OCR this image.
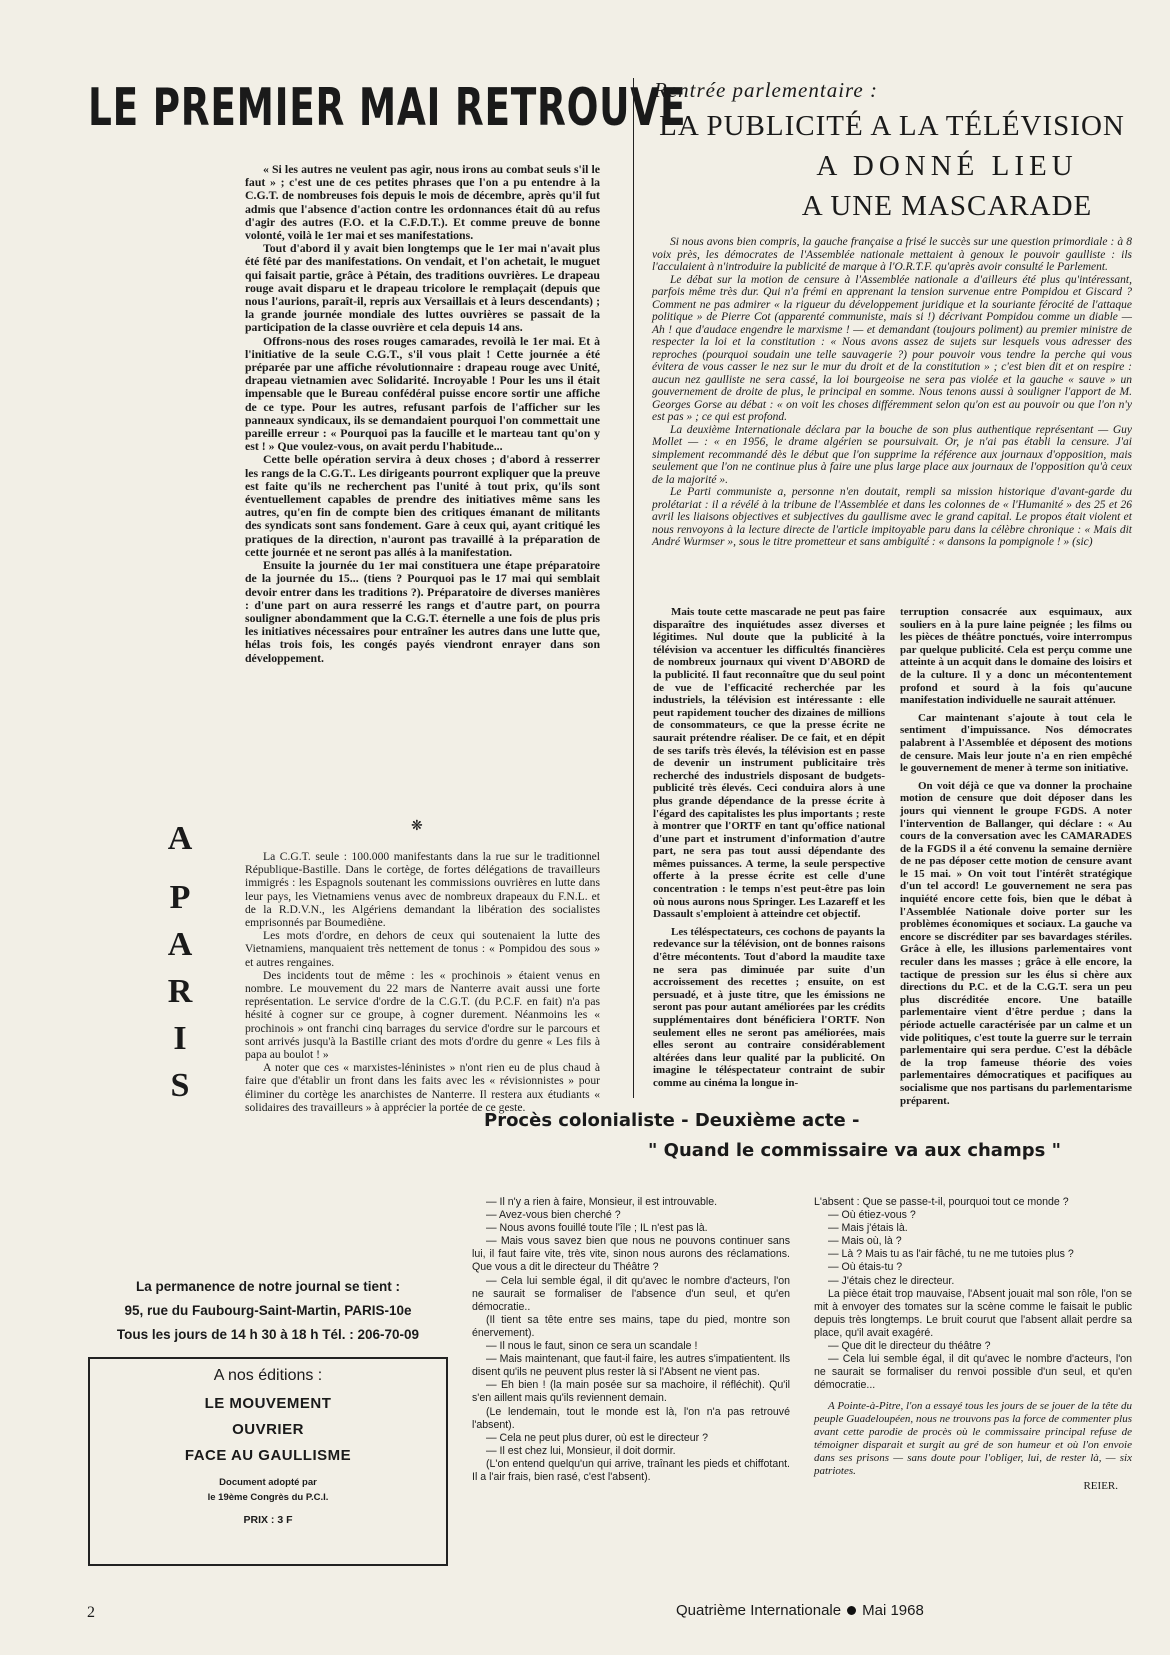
LE PREMIER MAI RETROUVE
Rentrée parlementaire :
LA PUBLICITÉ A LA TÉLÉVISION
A DONNÉ LIEU
A UNE MASCARADE

« Si les autres ne veulent pas agir, nous irons au combat seuls s'il le faut » ; c'est une de ces petites phrases que l'on a pu entendre à la C.G.T. de nombreuses fois depuis le mois de décembre, après qu'il fut admis que l'absence d'action contre les ordonnances était dû au refus d'agir des autres (F.O. et la C.F.D.T.). Et comme preuve de bonne volonté, voilà le 1er mai et ses manifestations.

Tout d'abord il y avait bien longtemps que le 1er mai n'avait plus été fêté par des manifestations. On vendait, et l'on achetait, le muguet qui faisait partie, grâce à Pétain, des traditions ouvrières. Le drapeau rouge avait disparu et le drapeau tricolore le remplaçait (depuis que nous l'aurions, paraît-il, repris aux Versaillais et à leurs descendants) ; la grande journée mondiale des luttes ouvrières se passait de la participation de la classe ouvrière et cela depuis 14 ans.

Offrons-nous des roses rouges camarades, revoilà le 1er mai. Et à l'initiative de la seule C.G.T., s'il vous plait ! Cette journée a été préparée par une affiche révolutionnaire : drapeau rouge avec Unité, drapeau vietnamien avec Solidarité. Incroyable ! Pour les uns il était impensable que le Bureau confédéral puisse encore sortir une affiche de ce type. Pour les autres, refusant parfois de l'afficher sur les panneaux syndicaux, ils se demandaient pourquoi l'on commettait une pareille erreur : « Pourquoi pas la faucille et le marteau tant qu'on y est ! » Que voulez-vous, on avait perdu l'habitude...

Cette belle opération servira à deux choses ; d'abord à resserrer les rangs de la C.G.T.. Les dirigeants pourront expliquer que la preuve est faite qu'ils ne recherchent pas l'unité à tout prix, qu'ils sont éventuellement capables de prendre des initiatives même sans les autres, qu'en fin de compte bien des critiques émanant de militants des syndicats sont sans fondement. Gare à ceux qui, ayant critiqué les pratiques de la direction, n'auront pas travaillé à la préparation de cette journée et ne seront pas allés à la manifestation.

Ensuite la journée du 1er mai constituera une étape préparatoire de la journée du 15... (tiens ? Pourquoi pas le 17 mai qui semblait devoir entrer dans les traditions ?). Préparatoire de diverses manières : d'une part on aura resserré les rangs et d'autre part, on pourra souligner abondamment que la C.G.T. éternelle a une fois de plus pris les initiatives nécessaires pour entraîner les autres dans une lutte que, hélas trois fois, les congés payés viendront enrayer dans son développement.

❋
A
P
A
R
I
S

La C.G.T. seule : 100.000 manifestants dans la rue sur le traditionnel République-Bastille. Dans le cortège, de fortes délégations de travailleurs immigrés : les Espagnols soutenant les commissions ouvrières en lutte dans leur pays, les Vietnamiens venus avec de nombreux drapeaux du F.N.L. et de la R.D.V.N., les Algériens demandant la libération des socialistes emprisonnés par Boumediène.

Les mots d'ordre, en dehors de ceux qui soutenaient la lutte des Vietnamiens, manquaient très nettement de tonus : « Pompidou des sous » et autres rengaines.

Des incidents tout de même : les « prochinois » étaient venus en nombre. Le mouvement du 22 mars de Nanterre avait aussi une forte représentation. Le service d'ordre de la C.G.T. (du P.C.F. en fait) n'a pas hésité à cogner sur ce groupe, à cogner durement. Néanmoins les « prochinois » ont franchi cinq barrages du service d'ordre sur le parcours et sont arrivés jusqu'à la Bastille criant des mots d'ordre du genre « Les fils à papa au boulot ! »

A noter que ces « marxistes-léninistes » n'ont rien eu de plus chaud à faire que d'établir un front dans les faits avec les « révisionnistes » pour éliminer du cortège les anarchistes de Nanterre. Il restera aux étudiants « solidaires des travailleurs » à apprécier la portée de ce geste.

Si nous avons bien compris, la gauche française a frisé le succès sur une question primordiale : à 8 voix près, les démocrates de l'Assemblée nationale mettaient à genoux le pouvoir gaulliste : ils l'acculaient à n'introduire la publicité de marque à l'O.R.T.F. qu'après avoir consulté le Parlement.

Le débat sur la motion de censure à l'Assemblée nationale a d'ailleurs été plus qu'intéressant, parfois même très dur. Qui n'a frémi en apprenant la tension survenue entre Pompidou et Giscard ? Comment ne pas admirer « la rigueur du développement juridique et la souriante férocité de l'attaque politique » de Pierre Cot (apparenté communiste, mais si !) décrivant Pompidou comme un diable — Ah ! que d'audace engendre le marxisme ! — et demandant (toujours poliment) au premier ministre de respecter la loi et la constitution : « Nous avons assez de sujets sur lesquels vous adresser des reproches (pourquoi soudain une telle sauvagerie ?) pour pouvoir vous tendre la perche qui vous évitera de vous casser le nez sur le mur du droit et de la constitution » ; c'est bien dit et on respire : aucun nez gaulliste ne sera cassé, la loi bourgeoise ne sera pas violée et la gauche « sauve » un gouvernement de droite de plus, le principal en somme. Nous tenons aussi à souligner l'apport de M. Georges Gorse au débat : « on voit les choses différemment selon qu'on est au pouvoir ou que l'on n'y est pas » ; ce qui est profond.

La deuxième Internationale déclara par la bouche de son plus authentique représentant — Guy Mollet — : « en 1956, le drame algérien se poursuivait. Or, je n'ai pas établi la censure. J'ai simplement recommandé dès le début que l'on supprime la référence aux journaux d'opposition, mais seulement que l'on ne continue plus à faire une plus large place aux journaux de l'opposition qu'à ceux de la majorité ».

Le Parti communiste a, personne n'en doutait, rempli sa mission historique d'avant-garde du prolétariat : il a révélé à la tribune de l'Assemblée et dans les colonnes de « l'Humanité » des 25 et 26 avril les liaisons objectives et subjectives du gaullisme avec le grand capital. Le propos était violent et nous renvoyons à la lecture directe de l'article impitoyable paru dans la célèbre chronique : « Mais dit André Wurmser », sous le titre prometteur et sans ambiguïté : « dansons la pompignole ! » (sic)

Mais toute cette mascarade ne peut pas faire disparaître des inquiétudes assez diverses et légitimes. Nul doute que la publicité à la télévision va accentuer les difficultés financières de nombreux journaux qui vivent D'ABORD de la publicité. Il faut reconnaître que du seul point de vue de l'efficacité recherchée par les industriels, la télévision est intéressante : elle peut rapidement toucher des dizaines de millions de consommateurs, ce que la presse écrite ne saurait prétendre réaliser. De ce fait, et en dépit de ses tarifs très élevés, la télévision est en passe de devenir un instrument publicitaire très recherché des industriels disposant de budgets-publicité très élevés. Ceci conduira alors à une plus grande dépendance de la presse écrite à l'égard des capitalistes les plus importants ; reste à montrer que l'ORTF en tant qu'office national d'une part et instrument d'information d'autre part, ne sera pas tout aussi dépendante des mêmes puissances. A terme, la seule perspective offerte à la presse écrite est celle d'une concentration : le temps n'est peut-être pas loin où nous aurons nous Springer. Les Lazareff et les Dassault s'emploient à atteindre cet objectif.

Les téléspectateurs, ces cochons de payants la redevance sur la télévision, ont de bonnes raisons d'être mécontents. Tout d'abord la maudite taxe ne sera pas diminuée par suite d'un accroissement des recettes ; ensuite, on est persuadé, et à juste titre, que les émissions ne seront pas pour autant améliorées par les crédits supplémentaires dont bénéficiera l'ORTF. Non seulement elles ne seront pas améliorées, mais elles seront au contraire considérablement altérées dans leur qualité par la publicité. On imagine le téléspectateur contraint de subir comme au cinéma la longue in-

terruption consacrée aux esquimaux, aux souliers en à la pure laine peignée ; les films ou les pièces de théâtre ponctués, voire interrompus par quelque publicité. Cela est perçu comme une atteinte à un acquit dans le domaine des loisirs et de la culture. Il y a donc un mécontentement profond et sourd à la fois qu'aucune manifestation individuelle ne saurait atténuer.

Car maintenant s'ajoute à tout cela le sentiment d'impuissance. Nos démocrates palabrent à l'Assemblée et déposent des motions de censure. Mais leur joute n'a en rien empêché le gouvernement de mener à terme son initiative.

On voit déjà ce que va donner la prochaine motion de censure que doit déposer dans les jours qui viennent le groupe FGDS. A noter l'intervention de Ballanger, qui déclare : « Au cours de la conversation avec les CAMARADES de la FGDS il a été convenu la semaine dernière de ne pas déposer cette motion de censure avant le 15 mai. » On voit tout l'intérêt stratégique d'un tel accord! Le gouvernement ne sera pas inquiété encore cette fois, bien que le débat à l'Assemblée Nationale doive porter sur les problèmes économiques et sociaux. La gauche va encore se discréditer par ses bavardages stériles. Grâce à elle, les illusions parlementaires vont reculer dans les masses ; grâce à elle encore, la tactique de pression sur les élus si chère aux directions du P.C. et de la C.G.T. sera un peu plus discréditée encore. Une bataille parlementaire vient d'être perdue ; dans la période actuelle caractérisée par un calme et un vide politiques, c'est toute la guerre sur le terrain parlementaire qui sera perdue. C'est la débâcle de la trop fameuse théorie des voies parlementaires démocratiques et pacifiques au socialisme que nos partisans du parlementarisme préparent.

Procès colonialiste - Deuxième acte -
" Quand le commissaire va aux champs "
La permanence de notre journal se tient :
95, rue du Faubourg-Saint-Martin, PARIS-10e
Tous les jours de 14 h 30 à 18 h Tél. : 206-70-09
A nos éditions :
LE MOUVEMENT
OUVRIER
FACE AU GAULLISME
Document adopté par
le 19ème Congrès du P.C.I.
PRIX : 3 F

— Il n'y a rien à faire, Monsieur, il est introuvable.

— Avez-vous bien cherché ?

— Nous avons fouillé toute l'île ; IL n'est pas là.

— Mais vous savez bien que nous ne pouvons continuer sans lui, il faut faire vite, très vite, sinon nous aurons des réclamations. Que vous a dit le directeur du Théâtre ?

— Cela lui semble égal, il dit qu'avec le nombre d'acteurs, l'on ne saurait se formaliser de l'absence d'un seul, et qu'en démocratie..

(Il tient sa tête entre ses mains, tape du pied, montre son énervement).

— Il nous le faut, sinon ce sera un scandale !

— Mais maintenant, que faut-il faire, les autres s'impatientent. Ils disent qu'ils ne peuvent plus rester là si l'Absent ne vient pas.

— Eh bien ! (la main posée sur sa machoire, il réfléchit). Qu'il s'en aillent mais qu'ils reviennent demain.

(Le lendemain, tout le monde est là, l'on n'a pas retrouvé l'absent).

— Cela ne peut plus durer, où est le directeur ?

— Il est chez lui, Monsieur, il doit dormir.

(L'on entend quelqu'un qui arrive, traînant les pieds et chiffotant. Il a l'air frais, bien rasé, c'est l'absent).

L'absent : Que se passe-t-il, pourquoi tout ce monde ?

— Où étiez-vous ?

— Mais j'étais là.

— Mais où, là ?

— Là ? Mais tu as l'air fâché, tu ne me tutoies plus ?

— Où étais-tu ?

— J'étais chez le directeur.

La pièce était trop mauvaise, l'Absent jouait mal son rôle, l'on se mit à envoyer des tomates sur la scène comme le faisait le public depuis très longtemps. Le bruit courut que l'absent allait perdre sa place, qu'il avait exagéré.

— Que dit le directeur du théâtre ?

— Cela lui semble égal, il dit qu'avec le nombre d'acteurs, l'on ne saurait se formaliser du renvoi possible d'un seul, et qu'en démocratie...

A Pointe-à-Pitre, l'on a essayé tous les jours de se jouer de la tête du peuple Guadeloupéen, nous ne trouvons pas la force de commenter plus avant cette parodie de procès où le commissaire principal refuse de témoigner disparait et surgit au gré de son humeur et où l'on envoie dans ses prisons — sans doute pour l'obliger, lui, de rester là, — six patriotes.

REIER.

2	Quatrième Internationale Mai 1968
